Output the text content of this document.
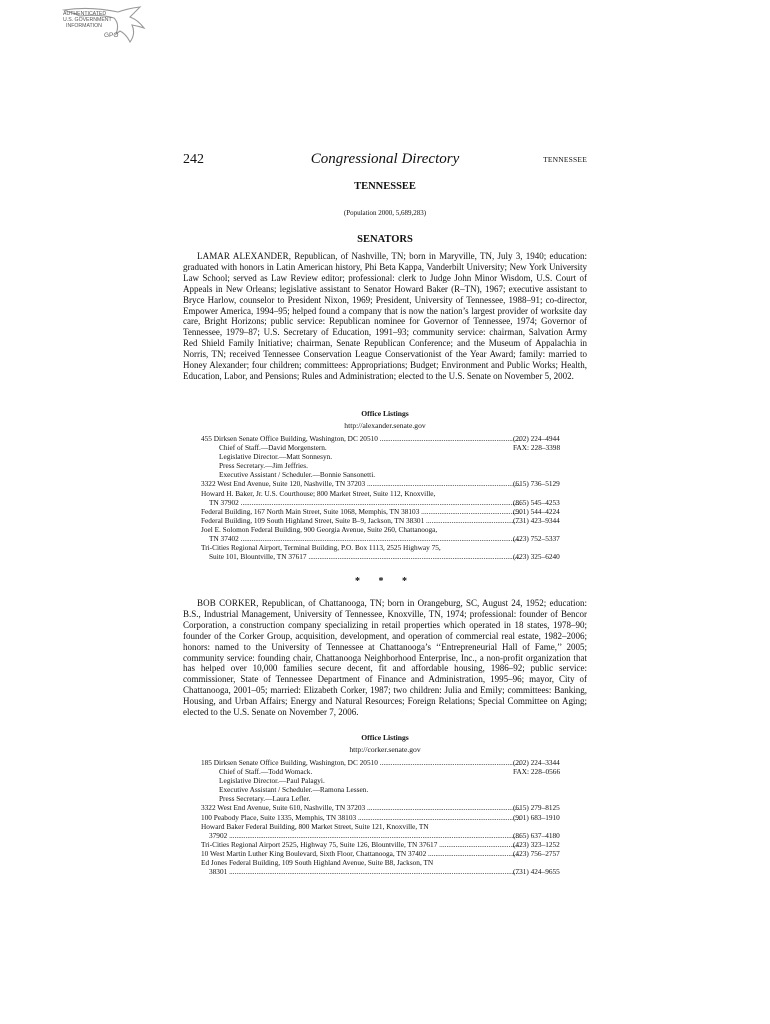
AUTHENTICATED
U.S. GOVERNMENT
INFORMATION
GPO
242	Congressional Directory	TENNESSEE
TENNESSEE
(Population 2000, 5,689,283)
SENATORS

LAMAR ALEXANDER, Republican, of Nashville, TN; born in Maryville, TN, July 3, 1940; education: graduated with honors in Latin American history, Phi Beta Kappa, Vanderbilt University; New York University Law School; served as Law Review editor; professional: clerk to Judge John Minor Wisdom, U.S. Court of Appeals in New Orleans; legislative assistant to Senator Howard Baker (R–TN), 1967; executive assistant to Bryce Harlow, counselor to President Nixon, 1969; President, University of Tennessee, 1988–91; co-director, Empower America, 1994–95; helped found a company that is now the nation’s largest provider of worksite day care, Bright Horizons; public service: Republican nominee for Governor of Tennessee, 1974; Governor of Tennessee, 1979–87; U.S. Secretary of Education, 1991–93; community service: chairman, Salvation Army Red Shield Family Initiative; chairman, Senate Republican Conference; and the Museum of Appalachia in Norris, TN; received Tennessee Conservation League Conservationist of the Year Award; family: married to Honey Alexander; four children; committees: Appropriations; Budget; Environment and Public Works; Health, Education, Labor, and Pensions; Rules and Administration; elected to the U.S. Senate on November 5, 2002.

Office Listings
http://alexander.senate.gov
455 Dirksen Senate Office Building, Washington, DC 20510 .....	(202) 224–4944
Chief of Staff.—David Morgenstern.	FAX: 228–3398
Legislative Director.—Matt Sonnesyn.
Press Secretary.—Jim Jeffries.
Executive Assistant / Scheduler.—Bonnie Sansonetti.
3322 West End Avenue, Suite 120, Nashville, TN 37203 .....	(615) 736–5129
Howard H. Baker, Jr. U.S. Courthouse; 800 Market Street, Suite 112, Knoxville,
TN 37902 .....	(865) 545–4253
Federal Building, 167 North Main Street, Suite 1068, Memphis, TN 38103 .....	(901) 544–4224
Federal Building, 109 South Highland Street, Suite B–9, Jackson, TN 38301 .....	(731) 423–9344
Joel E. Solomon Federal Building, 900 Georgia Avenue, Suite 260, Chattanooga,
TN 37402 .....	(423) 752–5337
Tri-Cities Regional Airport, Terminal Building, P.O. Box 1113, 2525 Highway 75,
Suite 101, Blountville, TN 37617 .....	(423) 325–6240
* * *

BOB CORKER, Republican, of Chattanooga, TN; born in Orangeburg, SC, August 24, 1952; education: B.S., Industrial Management, University of Tennessee, Knoxville, TN, 1974; professional: founder of Bencor Corporation, a construction company specializing in retail properties which operated in 18 states, 1978–90; founder of the Corker Group, acquisition, development, and operation of commercial real estate, 1982–2006; honors: named to the University of Tennessee at Chattanooga’s ‘‘Entrepreneurial Hall of Fame,’’ 2005; community service: founding chair, Chattanooga Neighborhood Enterprise, Inc., a non-profit organization that has helped over 10,000 families secure decent, fit and affordable housing, 1986–92; public service: commissioner, State of Tennessee Department of Finance and Administration, 1995–96; mayor, City of Chattanooga, 2001–05; married: Elizabeth Corker, 1987; two children: Julia and Emily; committees: Banking, Housing, and Urban Affairs; Energy and Natural Resources; Foreign Relations; Special Committee on Aging; elected to the U.S. Senate on November 7, 2006.

Office Listings
http://corker.senate.gov
185 Dirksen Senate Office Building, Washington, DC 20510 .....	(202) 224–3344
Chief of Staff.—Todd Womack.	FAX: 228–0566
Legislative Director.—Paul Palagyi.
Executive Assistant / Scheduler.—Ramona Lessen.
Press Secretary.—Laura Lefler.
3322 West End Avenue, Suite 610, Nashville, TN 37203 .....	(615) 279–8125
100 Peabody Place, Suite 1335, Memphis, TN 38103 .....	(901) 683–1910
Howard Baker Federal Building, 800 Market Street, Suite 121, Knoxville, TN
37902 .....	(865) 637–4180
Tri-Cities Regional Airport 2525, Highway 75, Suite 126, Blountville, TN 37617 .....	(423) 323–1252
10 West Martin Luther King Boulevard, Sixth Floor, Chattanooga, TN 37402 .....	(423) 756–2757
Ed Jones Federal Building, 109 South Highland Avenue, Suite B8, Jackson, TN
38301 .....	(731) 424–9655
